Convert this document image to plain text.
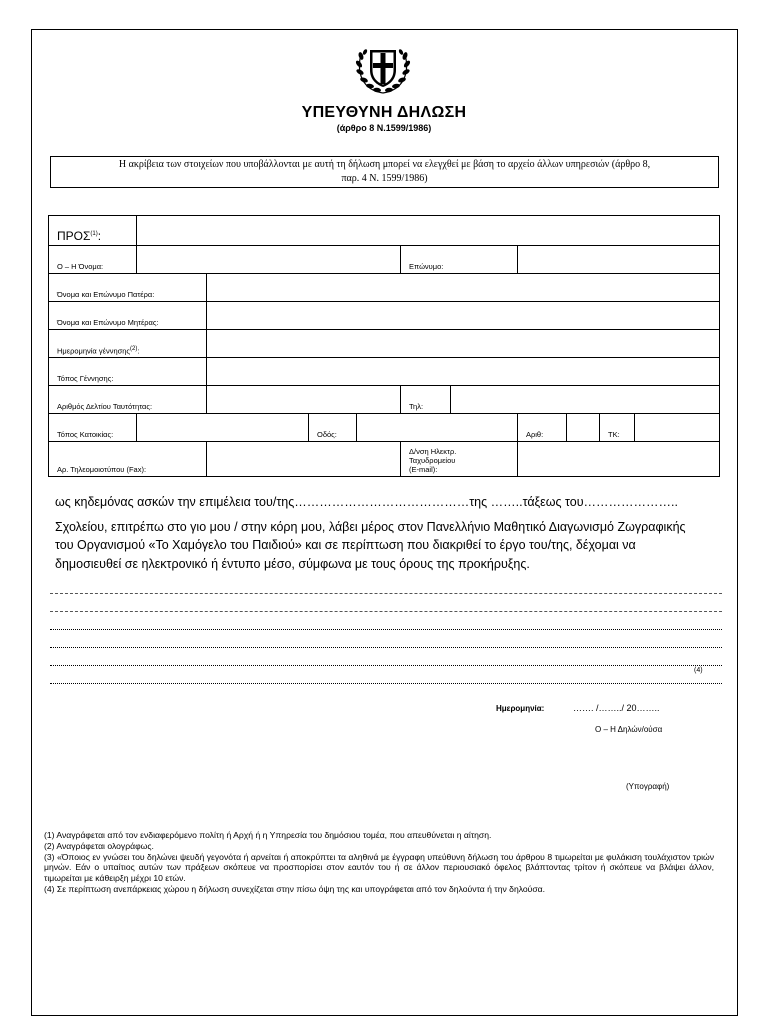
ΥΠΕΥΘΥΝΗ ΔΗΛΩΣΗ
(άρθρο 8 Ν.1599/1986)
Η ακρίβεια των στοιχείων που υποβάλλονται με αυτή τη δήλωση μπορεί να ελεγχθεί με βάση το αρχείο άλλων υπηρεσιών (άρθρο 8,
παρ. 4 Ν. 1599/1986)
ΠΡΟΣ$^{(1)}$:										
Ο – Η Όνομα:					Επώνυμο:					
Όνομα και Επώνυμο Πατέρα:										
Όνομα και Επώνυμο Μητέρας:										
Ημερομηνία γέννησης$^{(2)}$:										
Τόπος Γέννησης:										
Αριθμός Δελτίου Ταυτότητας:					Τηλ:					
Τόπος Κατοικίας:			Οδός:				Αριθ:		ΤΚ:	
Αρ. Τηλεομοιοτύπου (Fax):					Δ/νση Ηλεκτρ.
Ταχυδρομείου
(E-mail):					

ως κηδεμόνας ασκών την επιμέλεια του/της……………………………………της ……..τάξεως του…………………..
Σχολείου, επιτρέπω στο γιο μου / στην κόρη μου, λάβει μέρος στον Πανελλήνιο Μαθητικό Διαγωνισμό Ζωγραφικής
του Οργανισμού «Το Χαμόγελο του Παιδιού» και σε περίπτωση που διακριθεί το έργο του/της, δέχομαι να
δημοσιευθεί σε ηλεκτρονικό ή έντυπο μέσο, σύμφωνα με τους όρους της προκήρυξης.
(4)
Ημερομηνία:	……. /……../ 20……..
Ο – Η Δηλών/ούσα
(Υπογραφή)

(1) Αναγράφεται από τον ενδιαφερόμενο πολίτη ή Αρχή ή η Υπηρεσία του δημόσιου τομέα, που απευθύνεται η αίτηση.

(2) Αναγράφεται ολογράφως.

(3) «Όποιος εν γνώσει του δηλώνει ψευδή γεγονότα ή αρνείται ή αποκρύπτει τα αληθινά με έγγραφη υπεύθυνη δήλωση του άρθρου 8 τιμωρείται με φυλάκιση τουλάχιστον τριών μηνών. Εάν ο υπαίτιος αυτών των πράξεων σκόπευε να προσπορίσει στον εαυτόν του ή σε άλλον περιουσιακό όφελος βλάπτοντας τρίτον ή σκόπευε να βλάψει άλλον, τιμωρείται με κάθειρξη μέχρι 10 ετών.

(4) Σε περίπτωση ανεπάρκειας χώρου η δήλωση συνεχίζεται στην πίσω όψη της και υπογράφεται από τον δηλούντα ή την δηλούσα.
